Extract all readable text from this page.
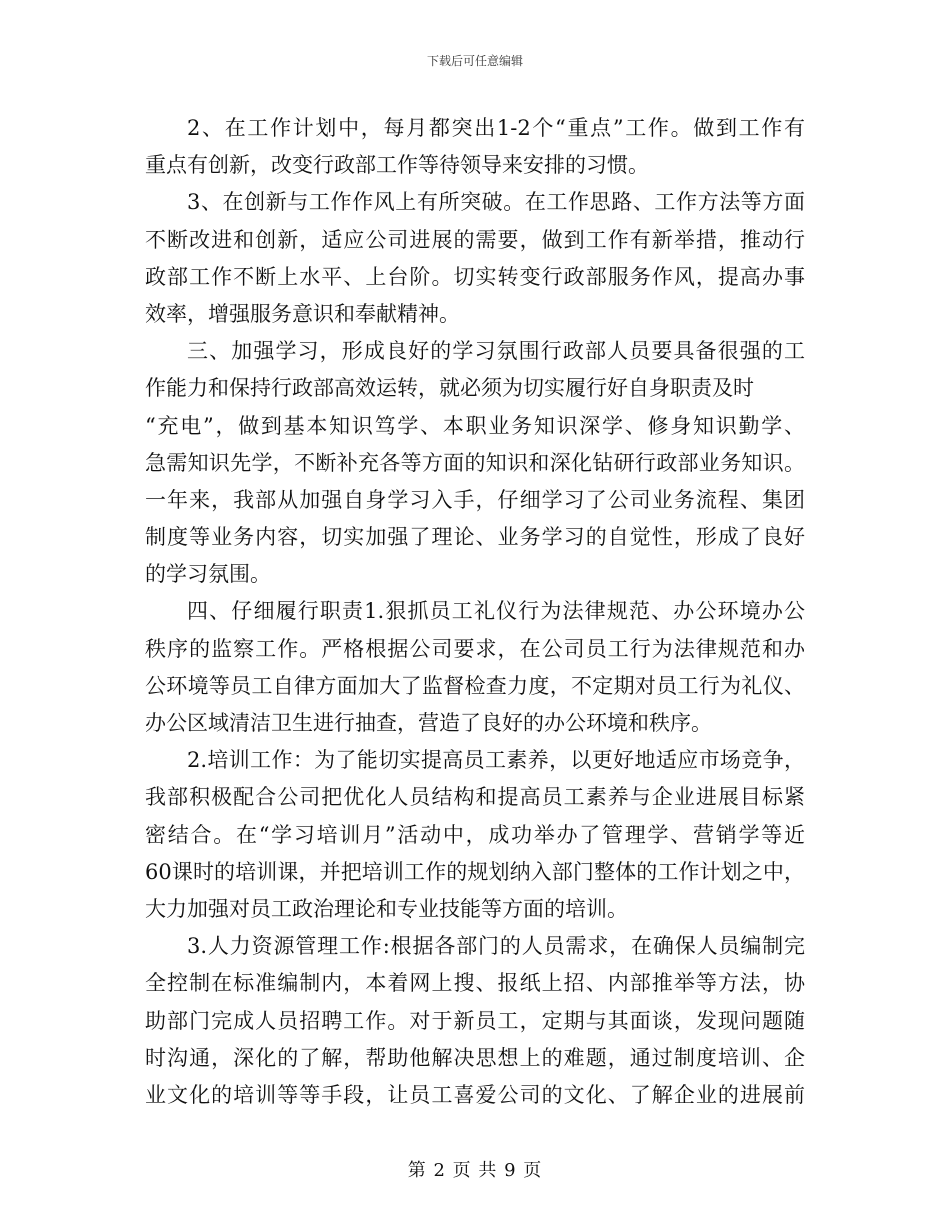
下载后可任意编辑
2、在工作计划中，每月都突出1-2个“重点”工作。做到工作有
重点有创新，改变行政部工作等待领导来安排的习惯。
3、在创新与工作作风上有所突破。在工作思路、工作方法等方面
不断改进和创新，适应公司进展的需要，做到工作有新举措，推动行
政部工作不断上水平、上台阶。切实转变行政部服务作风，提高办事
效率，增强服务意识和奉献精神。
三、加强学习，形成良好的学习氛围行政部人员要具备很强的工
作能力和保持行政部高效运转，就必须为切实履行好自身职责及时
“充电”，做到基本知识笃学、本职业务知识深学、修身知识勤学、
急需知识先学，不断补充各等方面的知识和深化钻研行政部业务知识。
一年来，我部从加强自身学习入手，仔细学习了公司业务流程、集团
制度等业务内容，切实加强了理论、业务学习的自觉性，形成了良好
的学习氛围。
四、仔细履行职责1.狠抓员工礼仪行为法律规范、办公环境办公
秩序的监察工作。严格根据公司要求，在公司员工行为法律规范和办
公环境等员工自律方面加大了监督检查力度，不定期对员工行为礼仪、
办公区域清洁卫生进行抽查，营造了良好的办公环境和秩序。
2.培训工作：为了能切实提高员工素养，以更好地适应市场竞争，
我部积极配合公司把优化人员结构和提高员工素养与企业进展目标紧
密结合。在“学习培训月”活动中，成功举办了管理学、营销学等近
60课时的培训课，并把培训工作的规划纳入部门整体的工作计划之中，
大力加强对员工政治理论和专业技能等方面的培训。
3.人力资源管理工作:根据各部门的人员需求，在确保人员编制完
全控制在标准编制内，本着网上搜、报纸上招、内部推举等方法，协
助部门完成人员招聘工作。对于新员工，定期与其面谈，发现问题随
时沟通，深化的了解，帮助他解决思想上的难题，通过制度培训、企
业文化的培训等等手段，让员工喜爱公司的文化、了解企业的进展前
第 2 页 共 9 页
